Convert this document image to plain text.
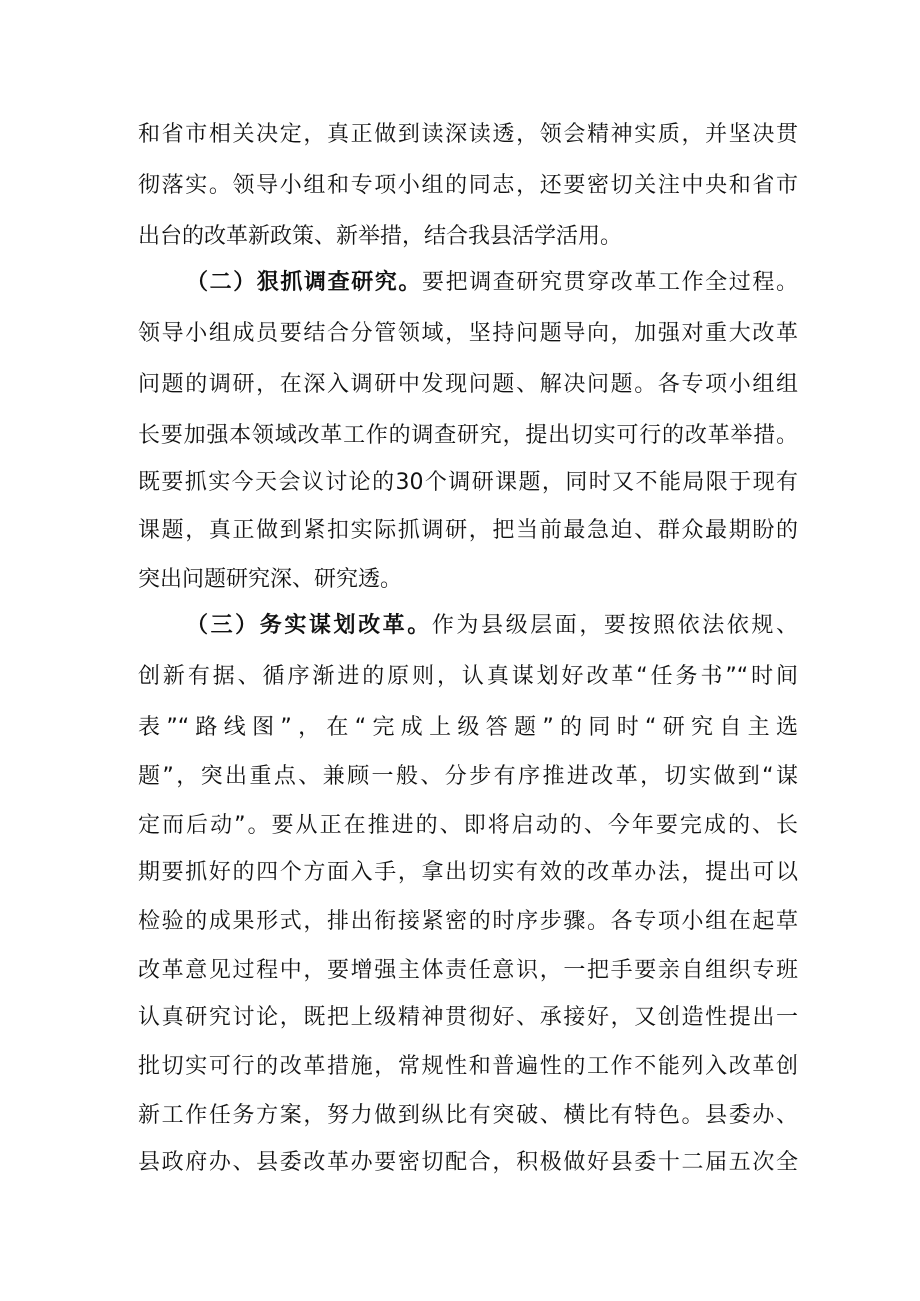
和省市相关决定，真正做到读深读透，领会精神实质，并坚决贯
彻落实。领导小组和专项小组的同志，还要密切关注中央和省市
出台的改革新政策、新举措，结合我县活学活用。
（二）狠抓调查研究。要把调查研究贯穿改革工作全过程。
领导小组成员要结合分管领域，坚持问题导向，加强对重大改革
问题的调研，在深入调研中发现问题、解决问题。各专项小组组
长要加强本领域改革工作的调查研究，提出切实可行的改革举措。
既要抓实今天会议讨论的30个调研课题，同时又不能局限于现有
课题，真正做到紧扣实际抓调研，把当前最急迫、群众最期盼的
突出问题研究深、研究透。
（三）务实谋划改革。作为县级层面，要按照依法依规、
创新有据、循序渐进的原则，认真谋划好改革“任务书”“时间
表”“路线图”，在“完成上级答题”的同时“研究自主选
题”，突出重点、兼顾一般、分步有序推进改革，切实做到“谋
定而后动”。要从正在推进的、即将启动的、今年要完成的、长
期要抓好的四个方面入手，拿出切实有效的改革办法，提出可以
检验的成果形式，排出衔接紧密的时序步骤。各专项小组在起草
改革意见过程中，要增强主体责任意识，一把手要亲自组织专班
认真研究讨论，既把上级精神贯彻好、承接好，又创造性提出一
批切实可行的改革措施，常规性和普遍性的工作不能列入改革创
新工作任务方案，努力做到纵比有突破、横比有特色。县委办、
县政府办、县委改革办要密切配合，积极做好县委十二届五次全
